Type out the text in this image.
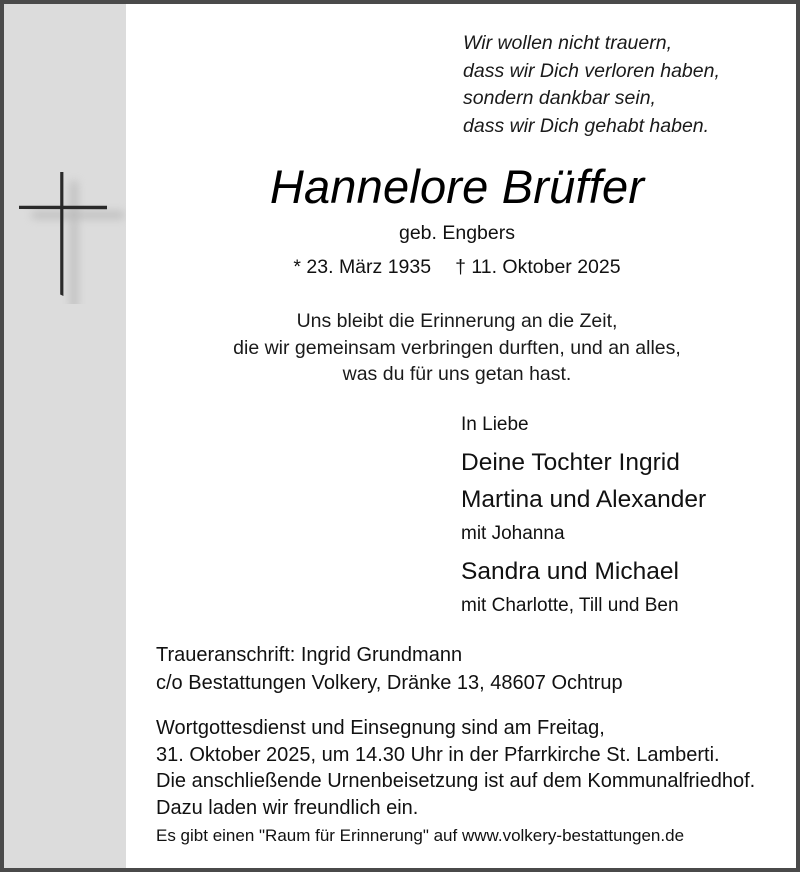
Wir wollen nicht trauern,
dass wir Dich verloren haben,
sondern dankbar sein,
dass wir Dich gehabt haben.
Hannelore Brüffer
geb. Engbers
* 23. März 1935 † 11. Oktober 2025
Uns bleibt die Erinnerung an die Zeit,
die wir gemeinsam verbringen durften, und an alles,
was du für uns getan hast.
In Liebe
Deine Tochter Ingrid
Martina und Alexander
mit Johanna
Sandra und Michael
mit Charlotte, Till und Ben
Traueranschrift: Ingrid Grundmann
c/o Bestattungen Volkery, Dränke 13, 48607 Ochtrup
Wortgottesdienst und Einsegnung sind am Freitag,
31. Oktober 2025, um 14.30 Uhr in der Pfarrkirche St. Lamberti.
Die anschließende Urnenbeisetzung ist auf dem Kommunalfriedhof.
Dazu laden wir freundlich ein.
Es gibt einen "Raum für Erinnerung" auf www.volkery-bestattungen.de
